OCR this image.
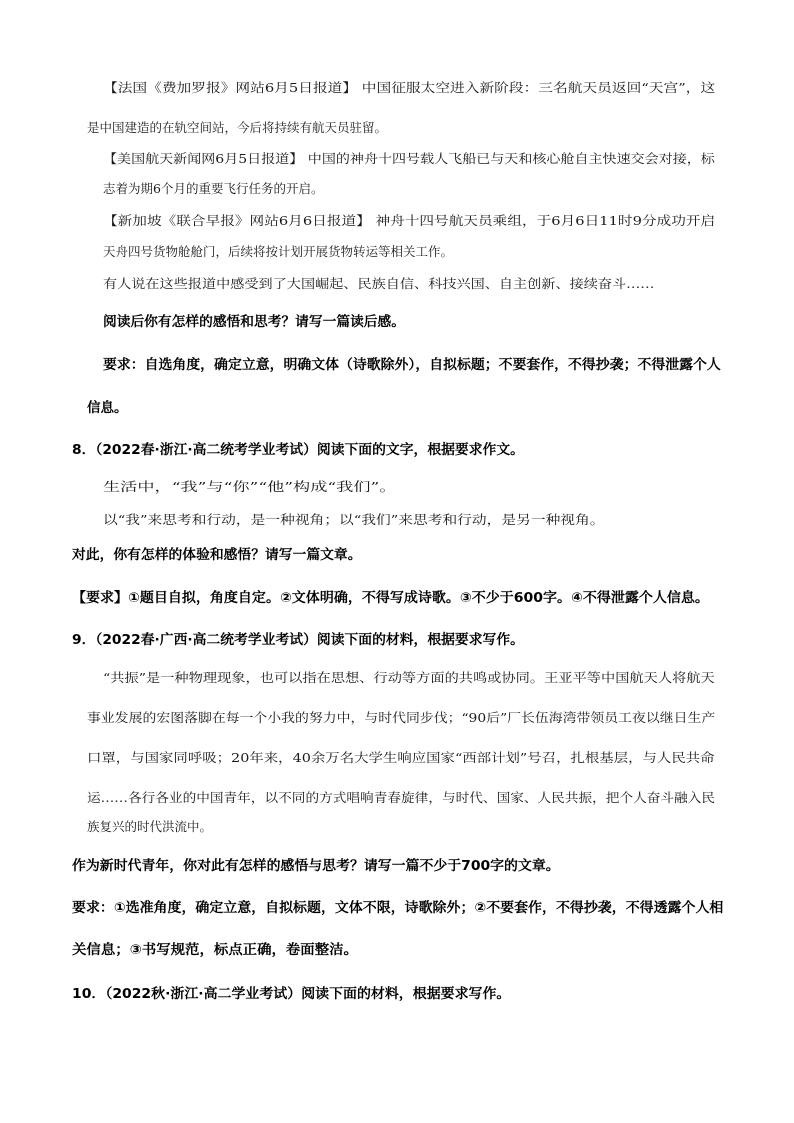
【法国《费加罗报》网站6月5日报道】 中国征服太空进入新阶段：三名航天员返回“天宫”，这
是中国建造的在轨空间站，今后将持续有航天员驻留。
【美国航天新闻网6月5日报道】 中国的神舟十四号载人飞船已与天和核心舱自主快速交会对接，标
志着为期6个月的重要飞行任务的开启。
【新加坡《联合早报》网站6月6日报道】 神舟十四号航天员乘组，于6月6日11时9分成功开启
天舟四号货物舱舱门，后续将按计划开展货物转运等相关工作。
有人说在这些报道中感受到了大国崛起、民族自信、科技兴国、自主创新、接续奋斗……
阅读后你有怎样的感悟和思考？请写一篇读后感。
要求：自选角度，确定立意，明确文体（诗歌除外），自拟标题；不要套作，不得抄袭；不得泄露个人
信息。
8．（2022春·浙江·高二统考学业考试）阅读下面的文字，根据要求作文。
生活中，“我”与“你”“他”构成“我们”。
以“我”来思考和行动，是一种视角；以“我们”来思考和行动，是另一种视角。
对此，你有怎样的体验和感悟？请写一篇文章。
【要求】①题目自拟，角度自定。②文体明确，不得写成诗歌。③不少于600字。④不得泄露个人信息。
9．（2022春·广西·高二统考学业考试）阅读下面的材料，根据要求写作。
“共振”是一种物理现象，也可以指在思想、行动等方面的共鸣或协同。王亚平等中国航天人将航天
事业发展的宏图落脚在每一个小我的努力中，与时代同步伐；“90后”厂长伍海湾带领员工夜以继日生产
口罩，与国家同呼吸；20年来，40余万名大学生响应国家“西部计划”号召，扎根基层，与人民共命
运……各行各业的中国青年，以不同的方式唱响青春旋律，与时代、国家、人民共振，把个人奋斗融入民
族复兴的时代洪流中。
作为新时代青年，你对此有怎样的感悟与思考？请写一篇不少于700字的文章。
要求：①选准角度，确定立意，自拟标题，文体不限，诗歌除外；②不要套作，不得抄袭，不得透露个人相
关信息；③书写规范，标点正确，卷面整洁。
10．（2022秋·浙江·高二学业考试）阅读下面的材料，根据要求写作。
